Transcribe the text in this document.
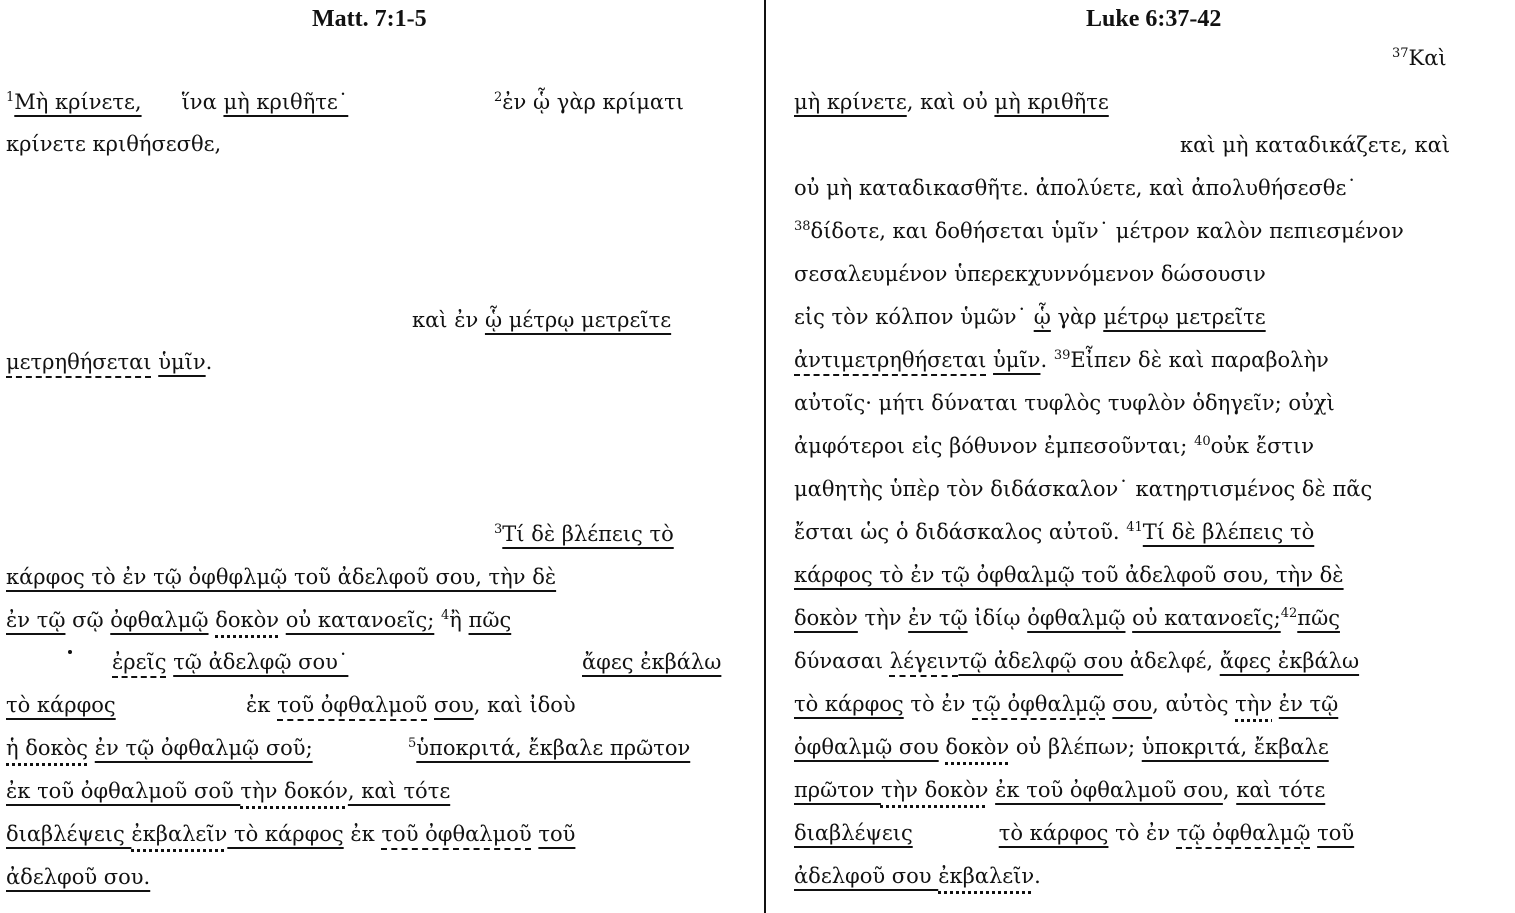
Matt. 7:1-5	Luke 6:37-42
$^1$Μὴ κρίνετε, ἵνα μὴ κριθῆτε˙	$^2$ἐν ᾧ γὰρ κρίματι
κρίνετε κριθήσεσθε,
καὶ ἐν ᾧ μέτρῳ μετρεῖτε
μετρηθήσεται ὑμῖν.
$^3$Τί δὲ βλέπεις τὸ
κάρφος τὸ ἐν τῷ ὀφθφλμῷ τοῦ ἀδελφοῦ σου, τὴν δὲ
ἐν τῷ σῷ ὀφθαλμῷ δοκὸν οὐ κατανοεῖς; $^4$ἢ πῶς
ἐρεῖς τῷ ἀδελφῷ σου˙	ἄφες ἐκβάλω
τὸ κάρφος	ἐκ τοῦ ὀφθαλμοῦ σου, καὶ ἰδοὺ
ἡ δοκὸς ἐν τῷ ὀφθαλμῷ σοῦ;	$^5$ὑποκριτά, ἔκβαλε πρῶτον
ἐκ τοῦ ὀφθαλμοῦ σοῦ τὴν δοκόν, καὶ τότε
διαβλέψεις ἐκβαλεῖν τὸ κάρφος ἐκ τοῦ ὀφθαλμοῦ τοῦ
ἀδελφοῦ σου.
$^{37}$Καὶ
μὴ κρίνετε, καὶ οὐ μὴ κριθῆτε
καὶ μὴ καταδικάζετε, καὶ
οὐ μὴ καταδικασθῆτε. ἀπολύετε, καὶ ἀπολυθήσεσθε˙
$^{38}$δίδοτε, και δοθήσεται ὑμῖν˙ μέτρον καλὸν πεπιεσμένον
σεσαλευμένον ὑπερεκχυννόμενον δώσουσιν
εἰς τὸν κόλπον ὑμῶν˙ ᾧ γὰρ μέτρῳ μετρεῖτε
ἀντιμετρηθήσεται ὑμῖν. $^{39}$Εἶπεν δὲ καὶ παραβολὴν
αὐτοῖς· μήτι δύναται τυφλὸς τυφλὸν ὁδηγεῖν; οὐχὶ
ἀμφότεροι εἰς βόθυνον ἐμπεσοῦνται; $^{40}$οὐκ ἔστιν
μαθητὴς ὑπὲρ τὸν διδάσκαλον˙ κατηρτισμένος δὲ πᾶς
ἔσται ὡς ὁ διδάσκαλος αὐτοῦ. $^{41}$Τί δὲ βλέπεις τὸ
κάρφος τὸ ἐν τῷ ὀφθαλμῷ τοῦ ἀδελφοῦ σου, τὴν δὲ
δοκὸν τὴν ἐν τῷ ἰδίῳ ὀφθαλμῷ οὐ κατανοεῖς;$^{42}$πῶς
δύνασαι λέγειντῷ ἀδελφῷ σου ἀδελφέ, ἄφες ἐκβάλω
τὸ κάρφος τὸ ἐν τῷ ὀφθαλμῷ σου, αὐτὸς τὴν ἐν τῷ
ὀφθαλμῷ σου δοκὸν οὐ βλέπων; ὑποκριτά, ἔκβαλε
πρῶτον τὴν δοκὸν ἐκ τοῦ ὀφθαλμοῦ σου, καὶ τότε
διαβλέψεις	τὸ κάρφος τὸ ἐν τῷ ὀφθαλμῷ τοῦ
ἀδελφοῦ σου ἐκβαλεῖν.
